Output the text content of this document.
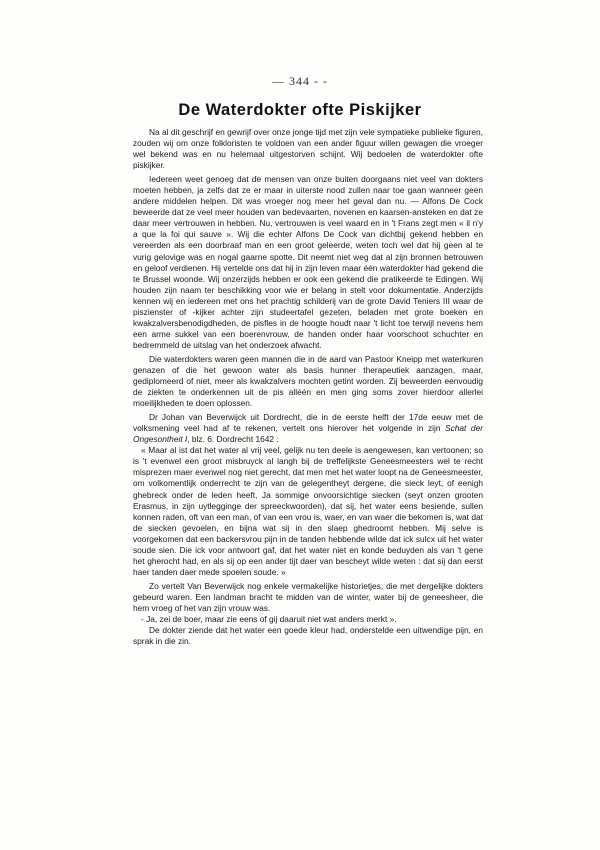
— 344 - -
De Waterdokter ofte Piskijker

Na al dit geschrijf en gewrijf over onze jonge tijd met zijn vele sympatieke publieke figuren, zouden wij om onze folkloristen te voldoen van een ander figuur willen gewagen die vroeger wel bekend was en nu helemaal uitgestorven schijnt. Wij bedoelen de waterdokter ofte piskijker.

Iedereen weet genoeg dat de mensen van onze buiten doorgaans niet veel van dokters moeten hebben, ja zelfs dat ze er maar in uiterste nood zullen naar toe gaan wanneer geen andere middelen helpen. Dit was vroeger nog meer het geval dan nu. — Alfons De Cock beweerde dat ze veel meer houden van bedevaarten, novenen en kaarsen-ansteken en dat ze daar meer vertrouwen in hebben. Nu, vertrouwen is veel waard en in 't Frans zegt men « il n'y a que la foi qui sauve ». Wij die echter Alfons De Cock van dichtbij gekend hebben en vereerden als een doorbraaf man en een groot geleerde, weten toch wel dat hij geen al te vurig gelovige was en nogal gaarne spotte. Dit neemt niet weg dat al zijn bronnen betrouwen en geloof verdienen. Hij vertelde ons dat hij in zijn leven maar één waterdokter had gekend die te Brussel woonde. Wij onzerzijds hebben er ook een gekend die pratikeerde te Edingen. Wij houden zijn naam ter beschikking voor wie er belang in stelt voor dokumentatie. Anderzijds kennen wij en iedereen met ons het prachtig schilderij van de grote David Teniers III waar de piszienster of -kijker achter zijn studeertafel gezeten, beladen met grote boeken en kwakzalversbenodigdheden, de pisfles in de hoogte houdt naar 't licht toe terwijl nevens hem een arme sukkel van een boerenvrouw, de handen onder haar voorschoot schuchter en bedremmeld de uitslag van het onderzoek afwacht.

Die waterdokters waren geen mannen die in de aard van Pastoor Kneipp met waterkuren genazen of die het gewoon water als basis hunner therapeutiek aanzagen, maar, gediplomeerd of niet, meer als kwakzalvers mochten getint worden. Zij beweerden eenvoudig de ziekten te onderkennen uit de pis alléén en men ging soms zover hierdoor allerlei moeilijkheden te doen oplossen.

Dr Johan van Beverwijck uit Dordrecht, die in de eerste helft der 17de eeuw met de volksmening veel had af te rekenen, vertelt ons hierover het volgende in zijn Schat der Ongesontheit I, blz. 6. Dordrecht 1642 :

« Maar al ist dat het water al vrij veel, gelijk nu ten deele is aengewesen, kan vertoonen; so is 't evenwel een groot misbruyck al langh bij de treffelijkste Geneesmeesters wel te recht misprezen maer evenwel nog niet gerecht, dat men met het water loopt na de Geneesmeester, om volkomentlijk onderrecht te zijn van de gelegentheyt dergene, die sieck leyt, of eenigh ghebreck onder de leden heeft, Ja sommige onvoorsichtige siecken (seyt onzen grooten Erasmus, in zijn uytlegginge der spreeckwoorden), dat sij, het water eens besiende, sullen konnen raden, oft van een man, of van een vrou is, waer, en van waer die bekomen is, wat dat de siecken gevoelen, en bijna wat sij in den slaep ghedroomt hebben. Mij selve is voorgekomen dat een backersvrou pijn in de tanden hebbende wilde dat ick sulcx uit het water soude sien. Die ick voor antwoort gaf, dat het water niet en konde beduyden als van 't gene het gherocht had, en als sij op een ander tijt daer van bescheyt wilde weten : dat sij dan eerst haer tanden daer mede spoelen soude. »

Zo vertelt Van Beverwijck nog enkele vermakelijke historietjes, die met dergelijke dokters gebeurd waren. Een landman bracht te midden van de winter, water bij de geneesheer, die hem vroeg of het van zijn vrouw was.

- Ja, zei de boer, maar zie eens of gij daaruit niet wat anders merkt ».

De dokter ziende dat het water een goede kleur had, onderstelde een uitwendige pijn, en sprak in die zin.
